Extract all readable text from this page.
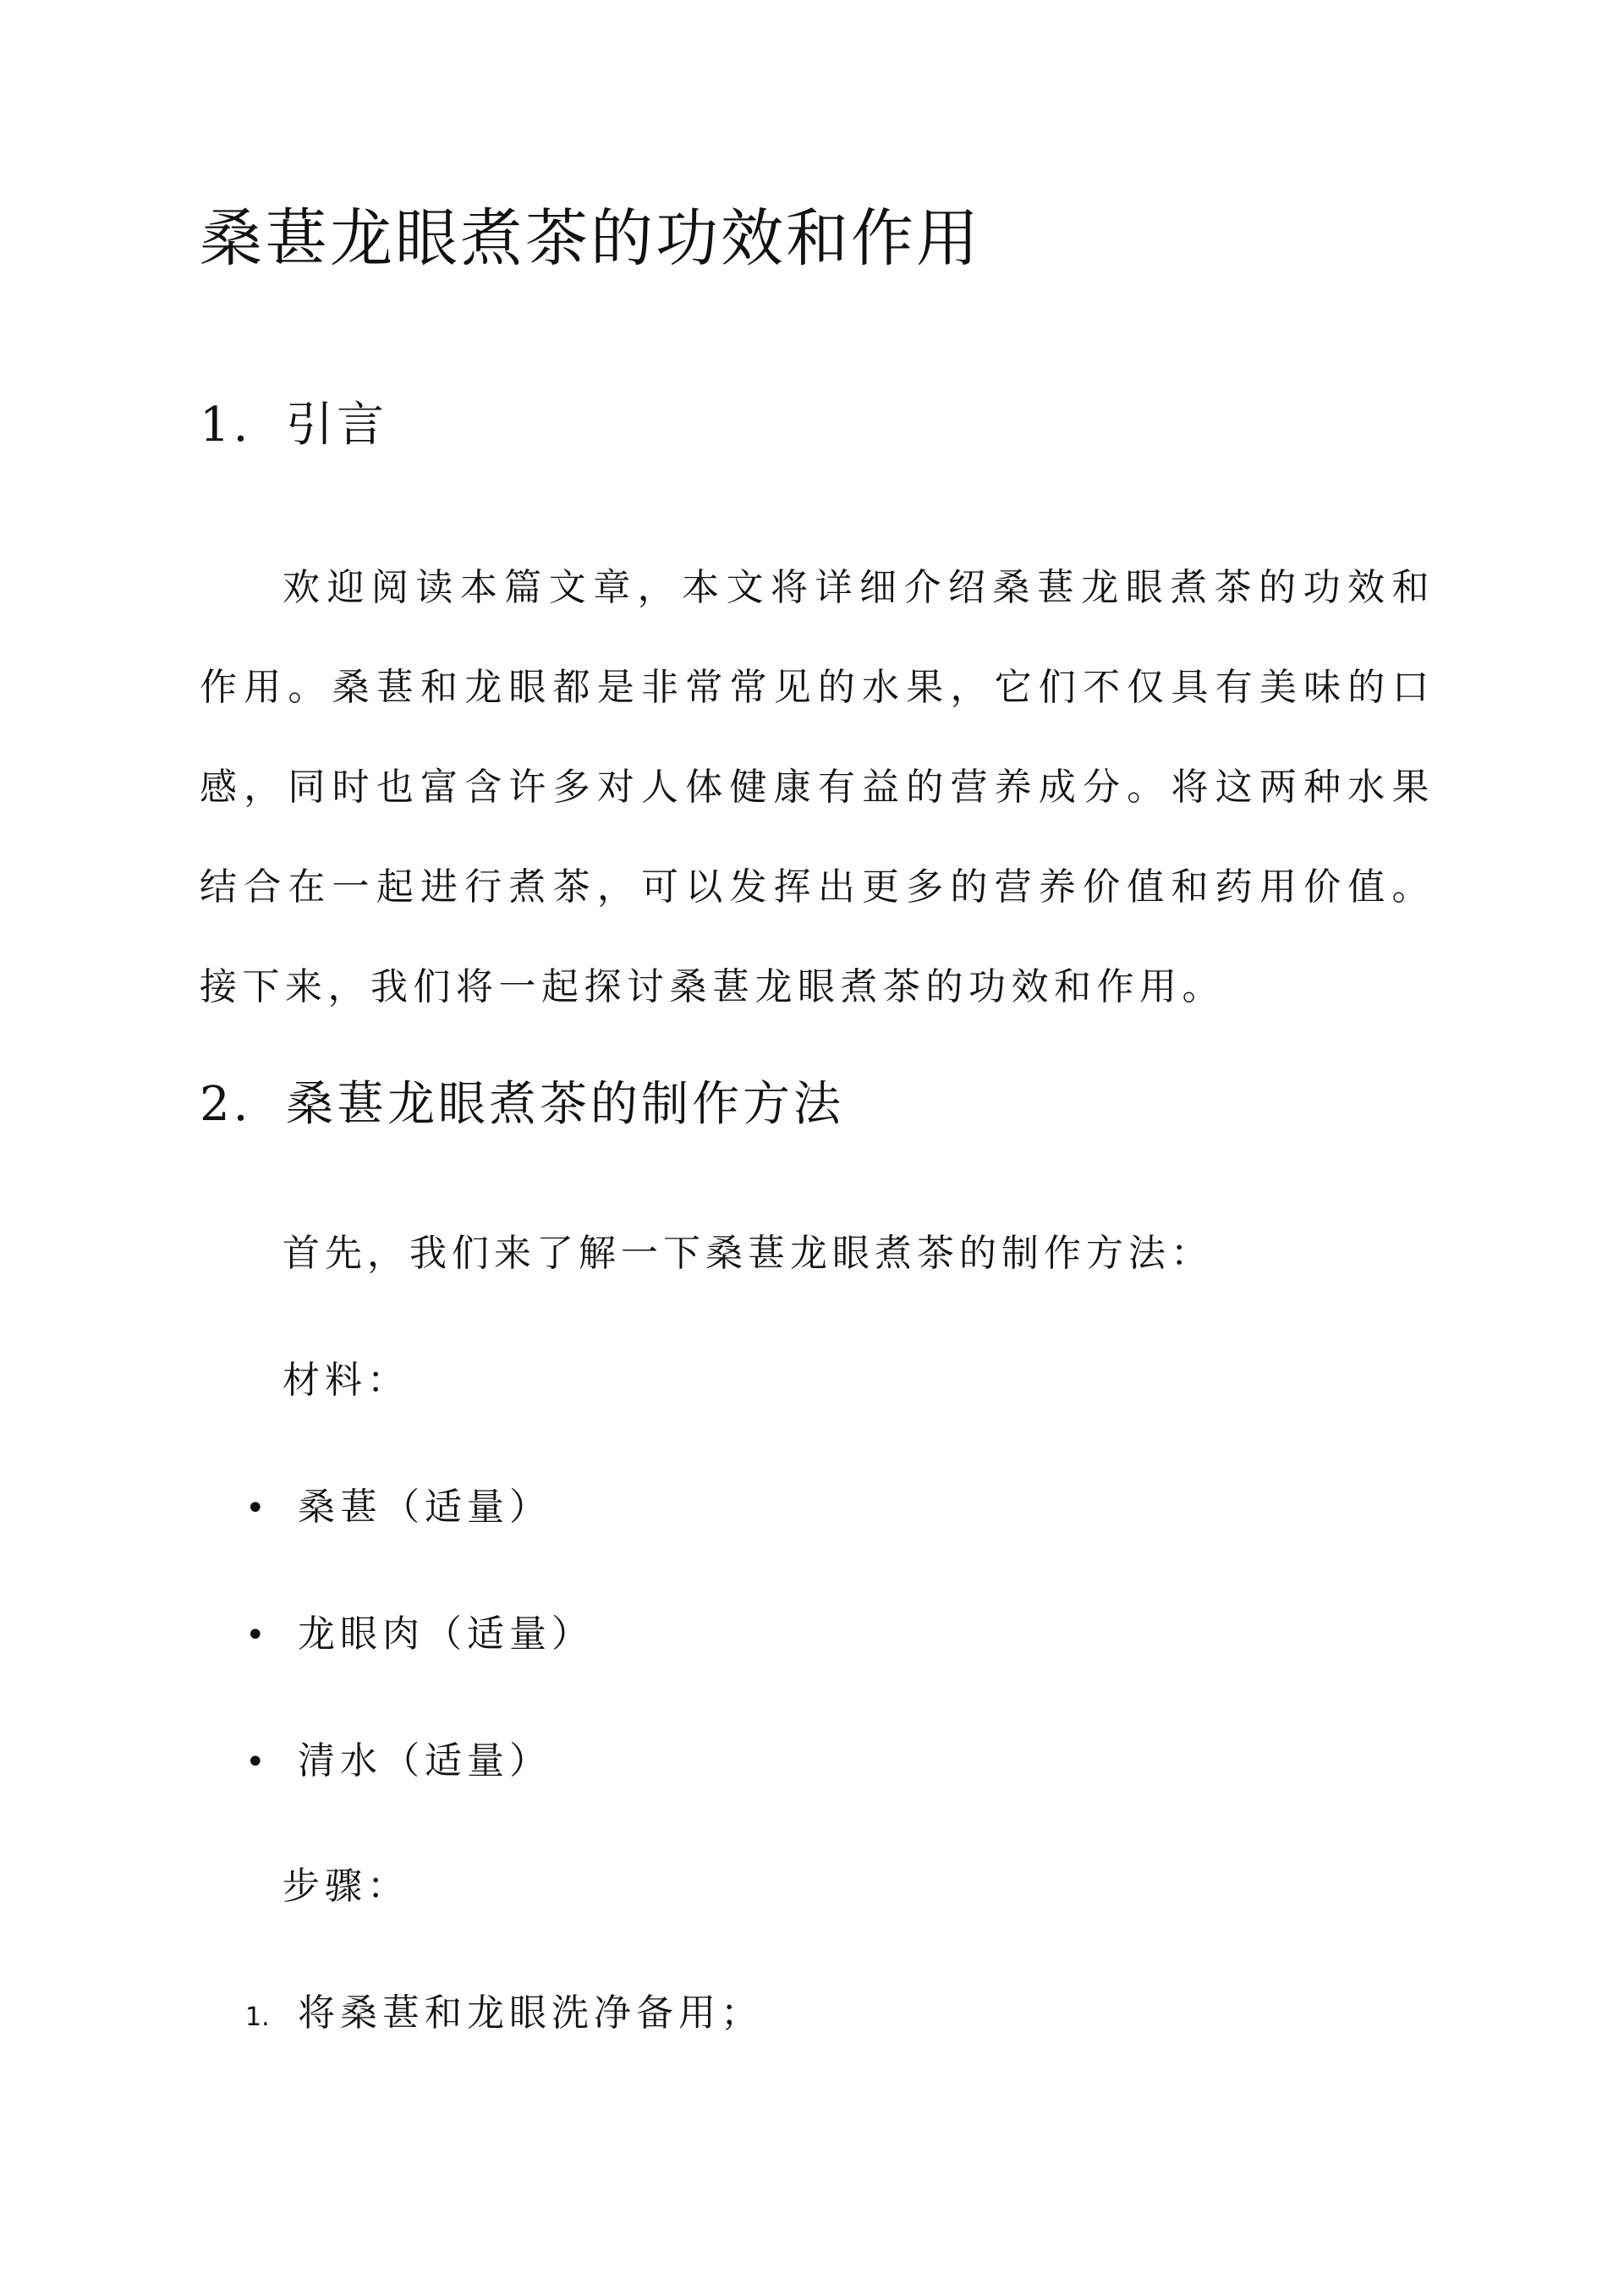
桑葚龙眼煮茶的功效和作用
1. 引言

欢迎阅读本篇文章，本文将详细介绍桑葚龙眼煮茶的功效和作用。桑葚和龙眼都是非常常见的水果，它们不仅具有美味的口感，同时也富含许多对人体健康有益的营养成分。将这两种水果结合在一起进行煮茶，可以发挥出更多的营养价值和药用价值。接下来，我们将一起探讨桑葚龙眼煮茶的功效和作用。

2. 桑葚龙眼煮茶的制作方法

首先，我们来了解一下桑葚龙眼煮茶的制作方法：

材料：

• 桑葚（适量）
• 龙眼肉（适量）
• 清水（适量）

步骤：

1. 将桑葚和龙眼洗净备用；
